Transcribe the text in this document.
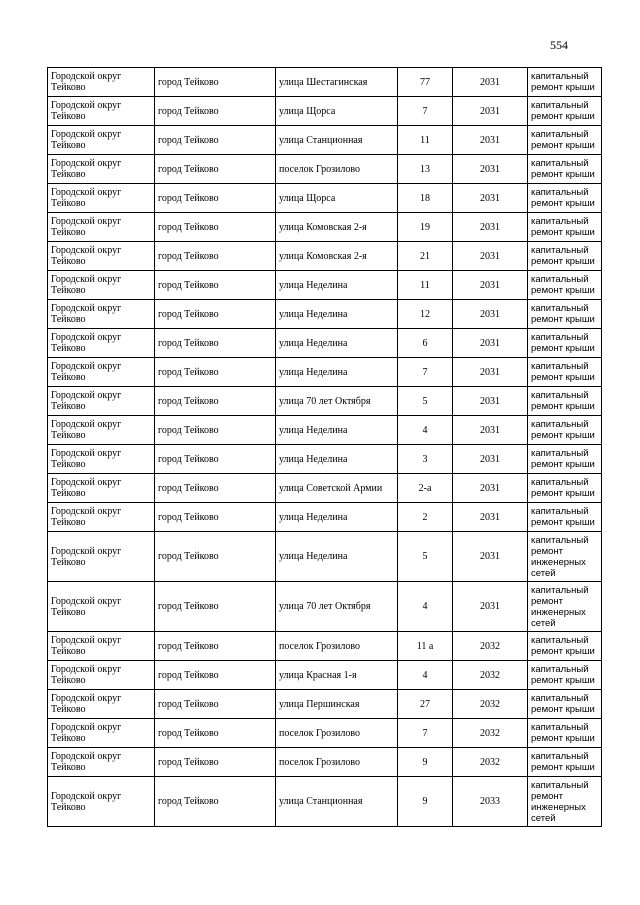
554
Городской округ Тейково	город Тейково	улица Шестагинская	77	2031	капитальный ремонт крыши
Городской округ Тейково	город Тейково	улица Щорса	7	2031	капитальный ремонт крыши
Городской округ Тейково	город Тейково	улица Станционная	11	2031	капитальный ремонт крыши
Городской округ Тейково	город Тейково	поселок Грозилово	13	2031	капитальный ремонт крыши
Городской округ Тейково	город Тейково	улица Щорса	18	2031	капитальный ремонт крыши
Городской округ Тейково	город Тейково	улица Комовская 2-я	19	2031	капитальный ремонт крыши
Городской округ Тейково	город Тейково	улица Комовская 2-я	21	2031	капитальный ремонт крыши
Городской округ Тейково	город Тейково	улица Неделина	11	2031	капитальный ремонт крыши
Городской округ Тейково	город Тейково	улица Неделина	12	2031	капитальный ремонт крыши
Городской округ Тейково	город Тейково	улица Неделина	6	2031	капитальный ремонт крыши
Городской округ Тейково	город Тейково	улица Неделина	7	2031	капитальный ремонт крыши
Городской округ Тейково	город Тейково	улица 70 лет Октября	5	2031	капитальный ремонт крыши
Городской округ Тейково	город Тейково	улица Неделина	4	2031	капитальный ремонт крыши
Городской округ Тейково	город Тейково	улица Неделина	3	2031	капитальный ремонт крыши
Городской округ Тейково	город Тейково	улица Советской Армии	2-а	2031	капитальный ремонт крыши
Городской округ Тейково	город Тейково	улица Неделина	2	2031	капитальный ремонт крыши
Городской округ Тейково	город Тейково	улица Неделина	5	2031	капитальный ремонт инженерных сетей
Городской округ Тейково	город Тейково	улица 70 лет Октября	4	2031	капитальный ремонт инженерных сетей
Городской округ Тейково	город Тейково	поселок Грозилово	11 а	2032	капитальный ремонт крыши
Городской округ Тейково	город Тейково	улица Красная 1-я	4	2032	капитальный ремонт крыши
Городской округ Тейково	город Тейково	улица Першинская	27	2032	капитальный ремонт крыши
Городской округ Тейково	город Тейково	поселок Грозилово	7	2032	капитальный ремонт крыши
Городской округ Тейково	город Тейково	поселок Грозилово	9	2032	капитальный ремонт крыши
Городской округ Тейково	город Тейково	улица Станционная	9	2033	капитальный ремонт инженерных сетей
